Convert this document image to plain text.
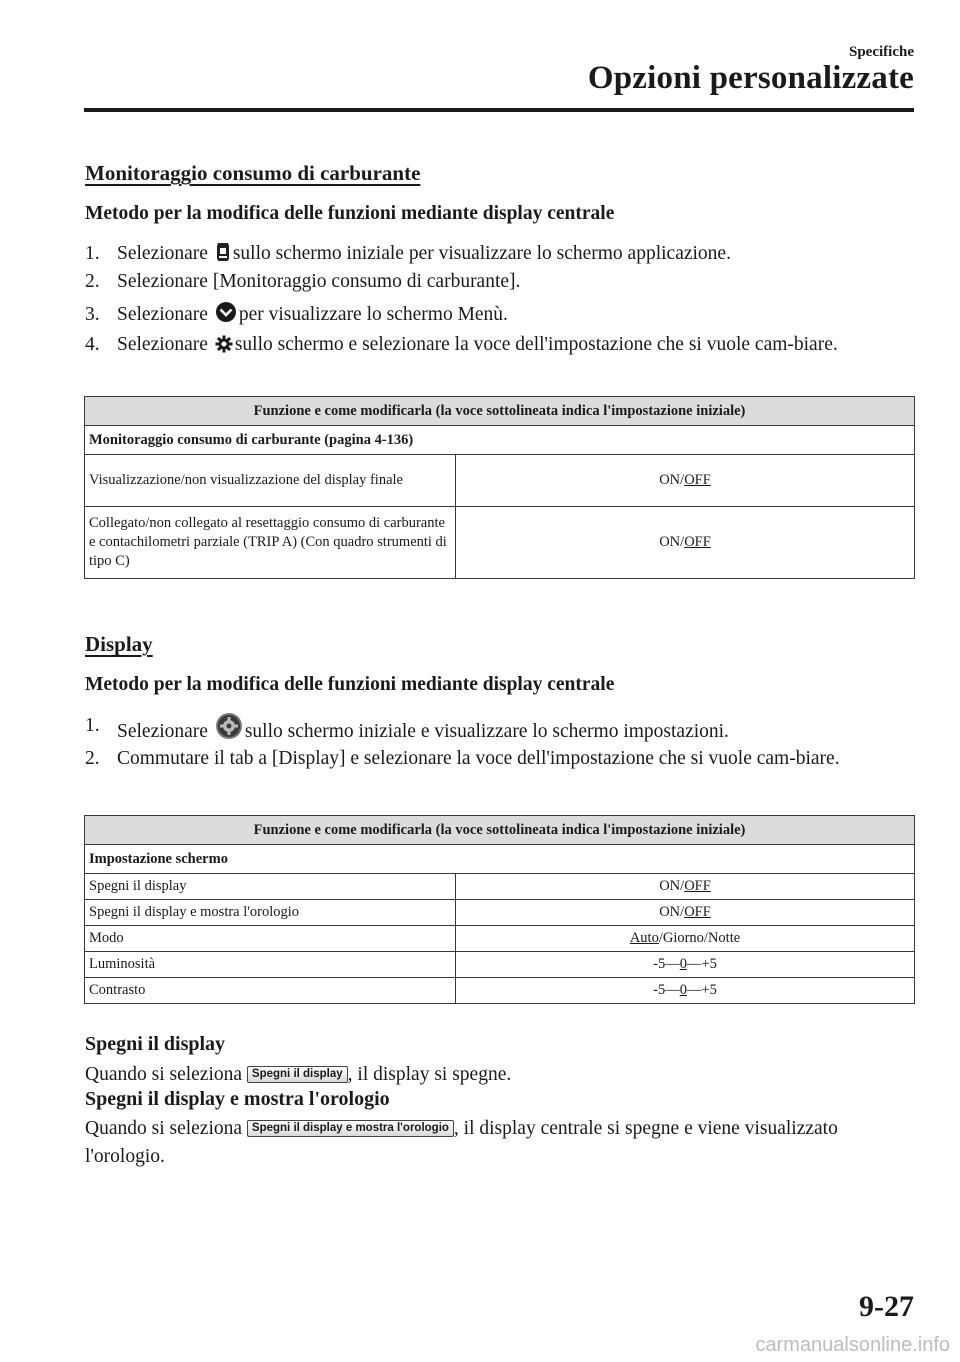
Specifiche
Opzioni personalizzate
Monitoraggio consumo di carburante
Metodo per la modifica delle funzioni mediante display centrale
1. Selezionare sullo schermo iniziale per visualizzare lo schermo applicazione.
2. Selezionare [Monitoraggio consumo di carburante].
3. Selezionare per visualizzare lo schermo Menù.
4. Selezionare sullo schermo e selezionare la voce dell'impostazione che si vuole cam-biare.
Funzione e come modificarla (la voce sottolineata indica l'impostazione iniziale)	
Monitoraggio consumo di carburante (pagina 4-136)	
Visualizzazione/non visualizzazione del display finale	ON/OFF
Collegato/non collegato al resettaggio consumo di carburante e contachilometri parziale (TRIP A) (Con quadro strumenti di tipo C)	ON/OFF
Display
Metodo per la modifica delle funzioni mediante display centrale
1. Selezionare sullo schermo iniziale e visualizzare lo schermo impostazioni.
2. Commutare il tab a [Display] e selezionare la voce dell'impostazione che si vuole cam-biare.
Funzione e come modificarla (la voce sottolineata indica l'impostazione iniziale)	
Impostazione schermo	
Spegni il display	ON/OFF
Spegni il display e mostra l'orologio	ON/OFF
Modo	Auto/Giorno/Notte
Luminosità	-5—0—+5
Contrasto	-5—0—+5
Spegni il display
Quando si seleziona Spegni il display , il display si spegne.
Spegni il display e mostra l'orologio
Quando si seleziona Spegni il display e mostra l'orologio , il display centrale si spegne e viene visualizzato l'orologio.
9-27
carmanualsonline.info
